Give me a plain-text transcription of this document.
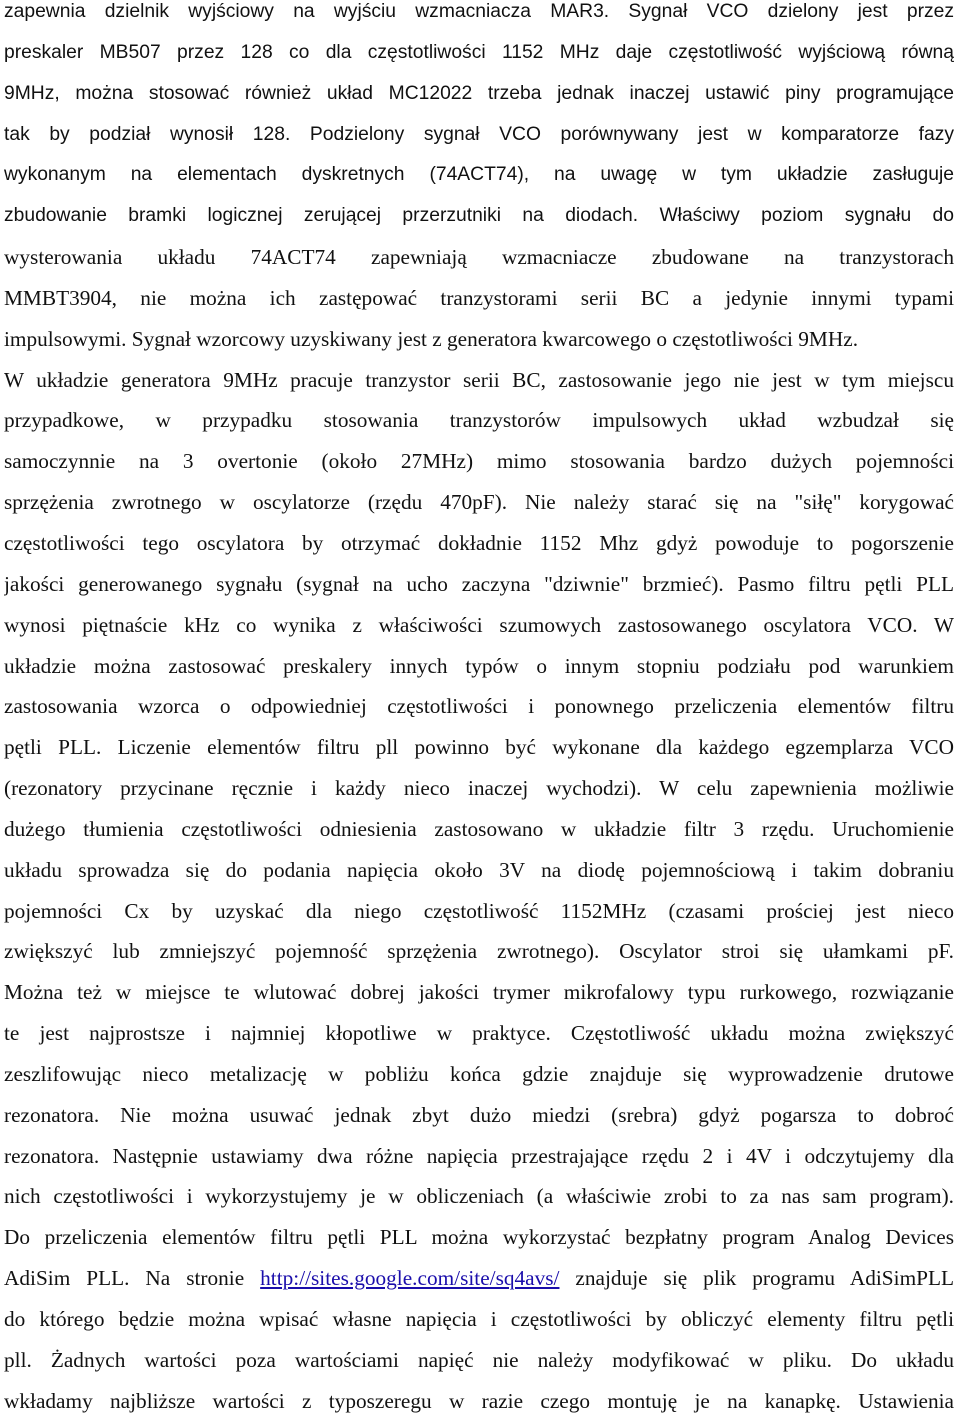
zapewnia dzielnik wyjściowy na wyjściu wzmacniacza MAR3. Sygnał VCO dzielony jest przez
preskaler MB507 przez 128 co dla częstotliwości 1152 MHz daje częstotliwość wyjściową równą
9MHz, można stosować również układ MC12022 trzeba jednak inaczej ustawić piny programujące
tak by podział wynosił 128. Podzielony sygnał VCO porównywany jest w komparatorze fazy
wykonanym na elementach dyskretnych (74ACT74), na uwagę w tym układzie zasługuje
zbudowanie bramki logicznej zerującej przerzutniki na diodach. Właściwy poziom sygnału do
wysterowania układu 74ACT74 zapewniają wzmacniacze zbudowane na tranzystorach
MMBT3904, nie można ich zastępować tranzystorami serii BC a jedynie innymi typami
impulsowymi. Sygnał wzorcowy uzyskiwany jest z generatora kwarcowego o częstotliwości 9MHz.
W układzie generatora 9MHz pracuje tranzystor serii BC, zastosowanie jego nie jest w tym miejscu
przypadkowe, w przypadku stosowania tranzystorów impulsowych układ wzbudzał się
samoczynnie na 3 overtonie (około 27MHz) mimo stosowania bardzo dużych pojemności
sprzężenia zwrotnego w oscylatorze (rzędu 470pF). Nie należy starać się na "siłę" korygować
częstotliwości tego oscylatora by otrzymać dokładnie 1152 Mhz gdyż powoduje to pogorszenie
jakości generowanego sygnału (sygnał na ucho zaczyna "dziwnie" brzmieć). Pasmo filtru pętli PLL
wynosi piętnaście kHz co wynika z właściwości szumowych zastosowanego oscylatora VCO. W
układzie można zastosować preskalery innych typów o innym stopniu podziału pod warunkiem
zastosowania wzorca o odpowiedniej częstotliwości i ponownego przeliczenia elementów filtru
pętli PLL. Liczenie elementów filtru pll powinno być wykonane dla każdego egzemplarza VCO
(rezonatory przycinane ręcznie i każdy nieco inaczej wychodzi). W celu zapewnienia możliwie
dużego tłumienia częstotliwości odniesienia zastosowano w układzie filtr 3 rzędu. Uruchomienie
układu sprowadza się do podania napięcia około 3V na diodę pojemnościową i takim dobraniu
pojemności Cx by uzyskać dla niego częstotliwość 1152MHz (czasami prościej jest nieco
zwiększyć lub zmniejszyć pojemność sprzężenia zwrotnego). Oscylator stroi się ułamkami pF.
Można też w miejsce te wlutować dobrej jakości trymer mikrofalowy typu rurkowego, rozwiązanie
te jest najprostsze i najmniej kłopotliwe w praktyce. Częstotliwość układu można zwiększyć
zeszlifowując nieco metalizację w pobliżu końca gdzie znajduje się wyprowadzenie drutowe
rezonatora. Nie można usuwać jednak zbyt dużo miedzi (srebra) gdyż pogarsza to dobroć
rezonatora. Następnie ustawiamy dwa różne napięcia przestrajające rzędu 2 i 4V i odczytujemy dla
nich częstotliwości i wykorzystujemy je w obliczeniach (a właściwie zrobi to za nas sam program).
Do przeliczenia elementów filtru pętli PLL można wykorzystać bezpłatny program Analog Devices
AdiSim PLL. Na stronie http://sites.google.com/site/sq4avs/ znajduje się plik programu AdiSimPLL
do którego będzie można wpisać własne napięcia i częstotliwości by obliczyć elementy filtru pętli
pll. Żadnych wartości poza wartościami napięć nie należy modyfikować w pliku. Do układu
wkładamy najbliższe wartości z typoszeregu w razie czego montuję je na kanapkę. Ustawienia
